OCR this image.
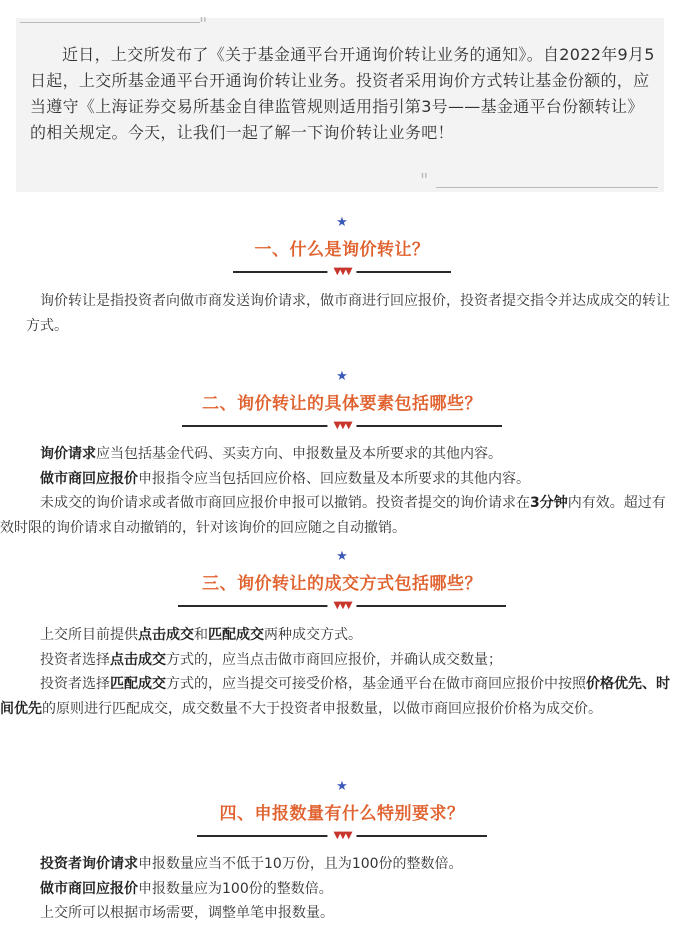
"

近日，上交所发布了《关于基金通平台开通询价转让业务的通知》。自2022年9月5日起，上交所基金通平台开通询价转让业务。投资者采用询价方式转让基金份额的，应当遵守《上海证券交易所基金自律监管规则适用指引第3号——基金通平台份额转让》的相关规定。今天，让我们一起了解一下询价转让业务吧！

"
★
一、什么是询价转让？
▼▼▼

询价转让是指投资者向做市商发送询价请求，做市商进行回应报价，投资者提交指令并达成成交的转让方式。

★
二、询价转让的具体要素包括哪些？
▼▼▼

询价请求应当包括基金代码、买卖方向、申报数量及本所要求的其他内容。

做市商回应报价申报指令应当包括回应价格、回应数量及本所要求的其他内容。

未成交的询价请求或者做市商回应报价申报可以撤销。投资者提交的询价请求在3分钟内有效。超过有效时限的询价请求自动撤销的，针对该询价的回应随之自动撤销。

★
三、询价转让的成交方式包括哪些？
▼▼▼

上交所目前提供点击成交和匹配成交两种成交方式。

投资者选择点击成交方式的，应当点击做市商回应报价，并确认成交数量；

投资者选择匹配成交方式的，应当提交可接受价格，基金通平台在做市商回应报价中按照价格优先、时间优先的原则进行匹配成交，成交数量不大于投资者申报数量，以做市商回应报价价格为成交价。

★
四、申报数量有什么特别要求？
▼▼▼

投资者询价请求申报数量应当不低于10万份，且为100份的整数倍。

做市商回应报价申报数量应为100份的整数倍。

上交所可以根据市场需要，调整单笔申报数量。
